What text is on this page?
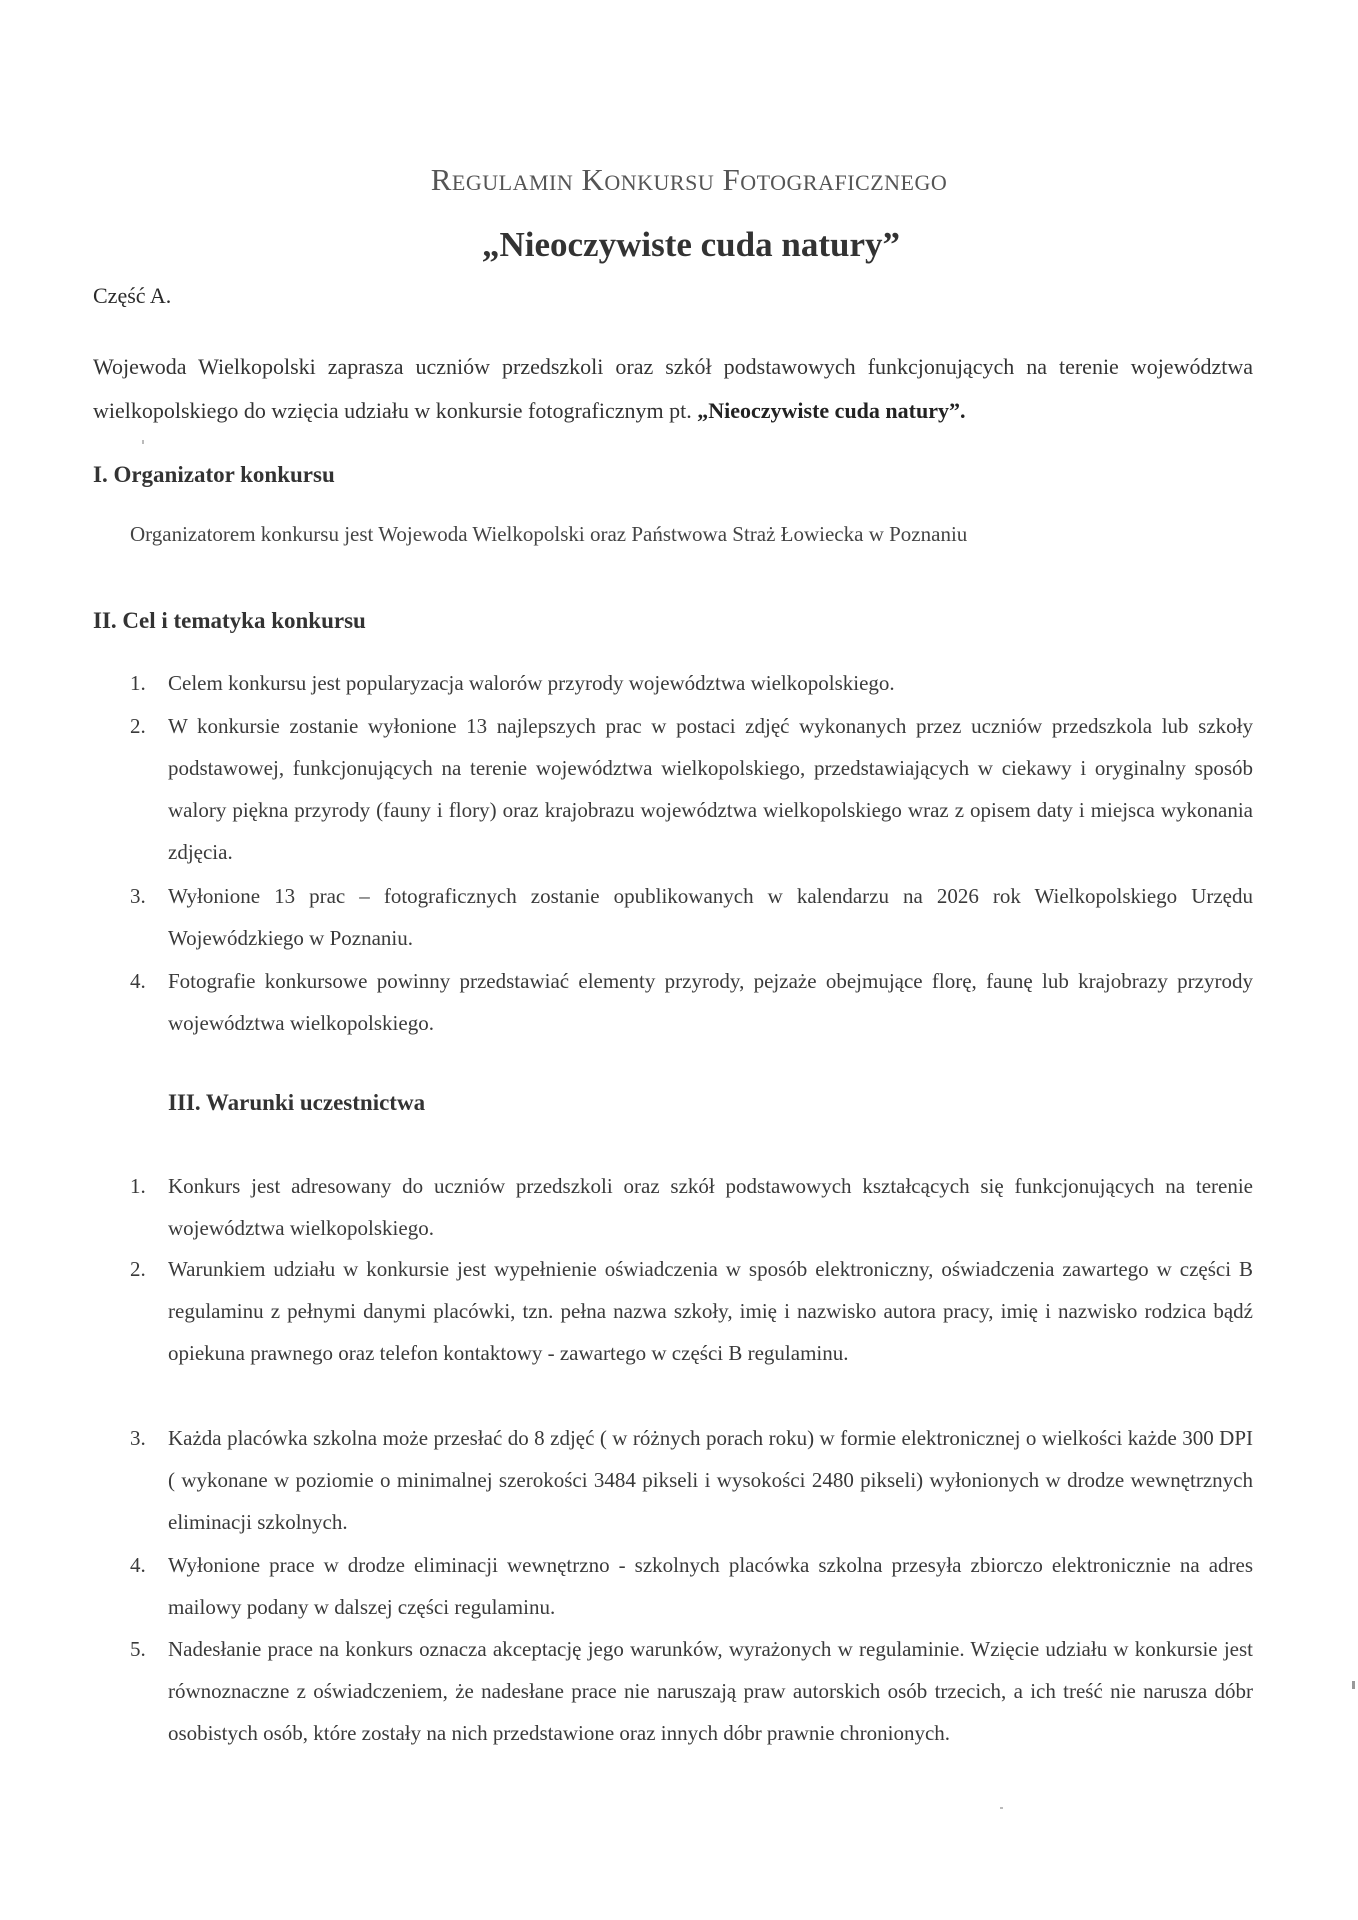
Regulamin Konkursu Fotograficznego
„Nieoczywiste cuda natury”
Część A.
Wojewoda Wielkopolski zaprasza uczniów przedszkoli oraz szkół podstawowych funkcjonujących na terenie województwa wielkopolskiego do wzięcia udziału w konkursie fotograficznym pt. „Nieoczywiste cuda natury”.
I. Organizator konkursu
Organizatorem konkursu jest Wojewoda Wielkopolski oraz Państwowa Straż Łowiecka w Poznaniu
II. Cel i tematyka konkursu
1.	Celem konkursu jest popularyzacja walorów przyrody województwa wielkopolskiego.
2.	W konkursie zostanie wyłonione 13 najlepszych prac w postaci zdjęć wykonanych przez uczniów przedszkola lub szkoły podstawowej, funkcjonujących na terenie województwa wielkopolskiego, przedstawiających w ciekawy i oryginalny sposób walory piękna przyrody (fauny i flory) oraz krajobrazu województwa wielkopolskiego wraz z opisem daty i miejsca wykonania zdjęcia.
3.	Wyłonione 13 prac – fotograficznych zostanie opublikowanych w kalendarzu na 2026 rok Wielkopolskiego Urzędu Wojewódzkiego w Poznaniu.
4.	Fotografie konkursowe powinny przedstawiać elementy przyrody, pejzaże obejmujące florę, faunę lub krajobrazy przyrody województwa wielkopolskiego.
III. Warunki uczestnictwa
1.	Konkurs jest adresowany do uczniów przedszkoli oraz szkół podstawowych kształcących się funkcjonujących na terenie województwa wielkopolskiego.
2.	Warunkiem udziału w konkursie jest wypełnienie oświadczenia w sposób elektroniczny, oświadczenia zawartego w części B regulaminu z pełnymi danymi placówki, tzn. pełna nazwa szkoły, imię i nazwisko autora pracy, imię i nazwisko rodzica bądź opiekuna prawnego oraz telefon kontaktowy - zawartego w części B regulaminu.
3.	Każda placówka szkolna może przesłać do 8 zdjęć ( w różnych porach roku) w formie elektronicznej o wielkości każde 300 DPI ( wykonane w poziomie o minimalnej szerokości 3484 pikseli i wysokości 2480 pikseli) wyłonionych w drodze wewnętrznych eliminacji szkolnych.
4.	Wyłonione prace w drodze eliminacji wewnętrzno - szkolnych placówka szkolna przesyła zbiorczo elektronicznie na adres mailowy podany w dalszej części regulaminu.
5.	Nadesłanie prace na konkurs oznacza akceptację jego warunków, wyrażonych w regulaminie. Wzięcie udziału w konkursie jest równoznaczne z oświadczeniem, że nadesłane prace nie naruszają praw autorskich osób trzecich, a ich treść nie narusza dóbr osobistych osób, które zostały na nich przedstawione oraz innych dóbr prawnie chronionych.
